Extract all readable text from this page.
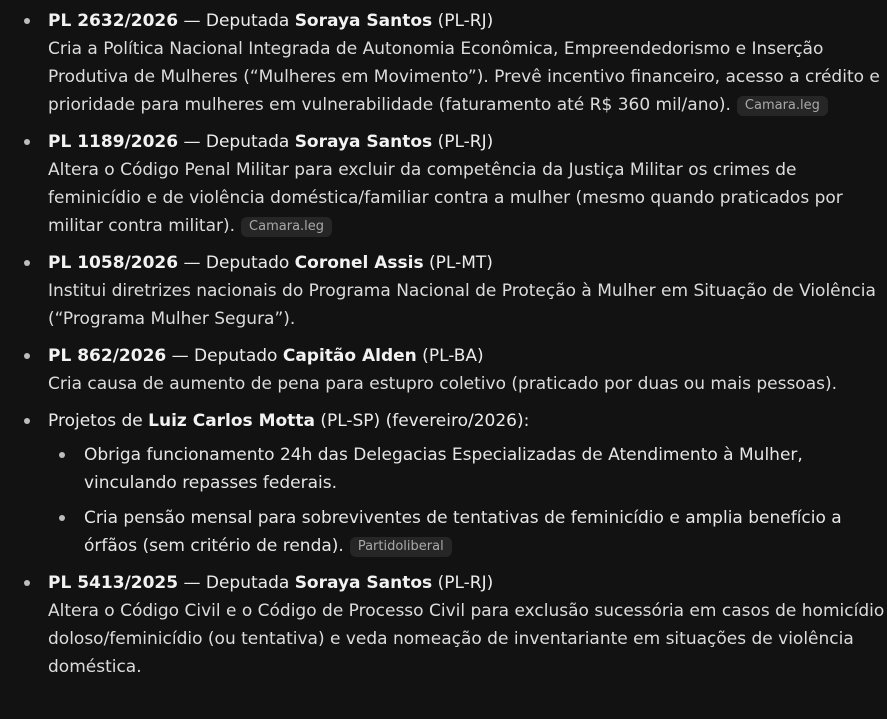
PL 2632/2026 — Deputada Soraya Santos (PL-RJ)
Cria a Política Nacional Integrada de Autonomia Econômica, Empreendedorismo e Inserção Produtiva de Mulheres (“Mulheres em Movimento”). Prevê incentivo financeiro, acesso a crédito e prioridade para mulheres em vulnerabilidade (faturamento até R$ 360 mil/ano). Camara.leg
PL 1189/2026 — Deputada Soraya Santos (PL-RJ)
Altera o Código Penal Militar para excluir da competência da Justiça Militar os crimes de feminicídio e de violência doméstica/familiar contra a mulher (mesmo quando praticados por militar contra militar). Camara.leg
PL 1058/2026 — Deputado Coronel Assis (PL-MT)
Institui diretrizes nacionais do Programa Nacional de Proteção à Mulher em Situação de Violência (“Programa Mulher Segura”).
PL 862/2026 — Deputado Capitão Alden (PL-BA)
Cria causa de aumento de pena para estupro coletivo (praticado por duas ou mais pessoas).
Projetos de Luiz Carlos Motta (PL-SP) (fevereiro/2026):
Obriga funcionamento 24h das Delegacias Especializadas de Atendimento à Mulher, vinculando repasses federais.
Cria pensão mensal para sobreviventes de tentativas de feminicídio e amplia benefício a órfãos (sem critério de renda). Partidoliberal
PL 5413/2025 — Deputada Soraya Santos (PL-RJ)
Altera o Código Civil e o Código de Processo Civil para exclusão sucessória em casos de homicídio doloso/feminicídio (ou tentativa) e veda nomeação de inventariante em situações de violência doméstica.
